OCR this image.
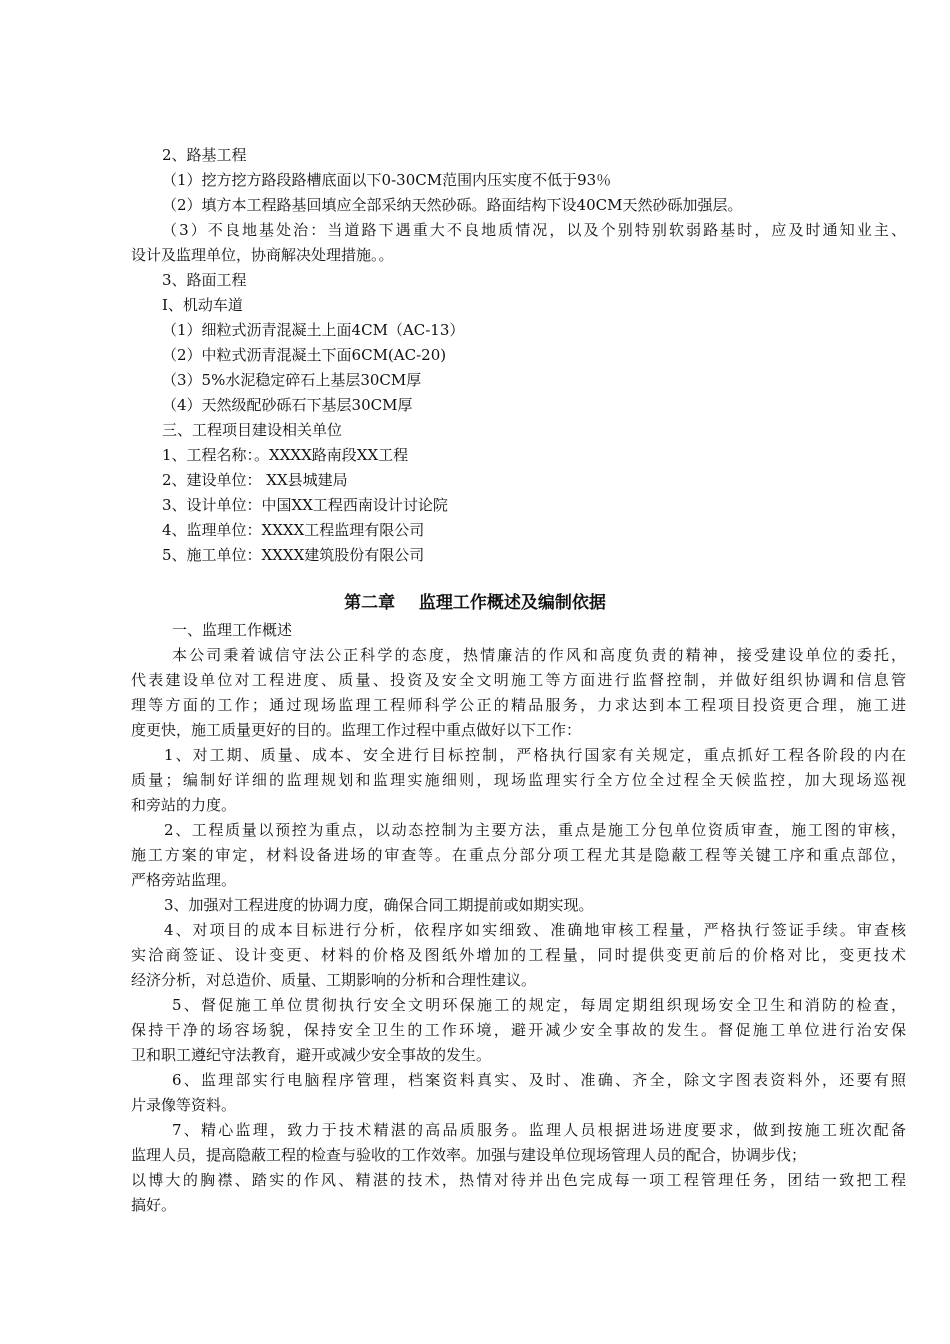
2、路基工程
（1）挖方挖方路段路槽底面以下0-30CM范围内压实度不低于93％
（2）填方本工程路基回填应全部采纳天然砂砾。路面结构下设40CM天然砂砾加强层。
（3）不良地基处治：当道路下遇重大不良地质情况，以及个别特别软弱路基时，应及时通知业主、
设计及监理单位，协商解决处理措施。。
3、路面工程
Ⅰ、机动车道
（1）细粒式沥青混凝土上面4CM（AC-13）
（2）中粒式沥青混凝土下面6CM(AC-20)
（3）5%水泥稳定碎石上基层30CM厚
（4）天然级配砂砾石下基层30CM厚
三、工程项目建设相关单位
1、工程名称：。XXXX路南段XX工程
2、建设单位： XX县城建局
3、设计单位：中国XX工程西南设计讨论院
4、监理单位：XXXX工程监理有限公司
5、施工单位：XXXX建筑股份有限公司
第二章    监理工作概述及编制依据
一、监理工作概述
本公司秉着诚信守法公正科学的态度，热情廉洁的作风和高度负责的精神，接受建设单位的委托，
代表建设单位对工程进度、质量、投资及安全文明施工等方面进行监督控制，并做好组织协调和信息管
理等方面的工作；通过现场监理工程师科学公正的精品服务，力求达到本工程项目投资更合理，施工进
度更快，施工质量更好的目的。监理工作过程中重点做好以下工作：
1、对工期、质量、成本、安全进行目标控制，严格执行国家有关规定，重点抓好工程各阶段的内在
质量；编制好详细的监理规划和监理实施细则，现场监理实行全方位全过程全天候监控，加大现场巡视
和旁站的力度。
2、工程质量以预控为重点，以动态控制为主要方法，重点是施工分包单位资质审查，施工图的审核，
施工方案的审定，材料设备进场的审查等。在重点分部分项工程尤其是隐蔽工程等关键工序和重点部位，
严格旁站监理。
3、加强对工程进度的协调力度，确保合同工期提前或如期实现。
4、对项目的成本目标进行分析，依程序如实细致、准确地审核工程量，严格执行签证手续。审查核
实洽商签证、设计变更、材料的价格及图纸外增加的工程量，同时提供变更前后的价格对比，变更技术
经济分析，对总造价、质量、工期影响的分析和合理性建议。
5、督促施工单位贯彻执行安全文明环保施工的规定，每周定期组织现场安全卫生和消防的检查，
保持干净的场容场貌，保持安全卫生的工作环境，避开减少安全事故的发生。督促施工单位进行治安保
卫和职工遵纪守法教育，避开或减少安全事故的发生。
6、监理部实行电脑程序管理，档案资料真实、及时、准确、齐全，除文字图表资料外，还要有照
片录像等资料。
7、精心监理，致力于技术精湛的高品质服务。监理人员根据进场进度要求，做到按施工班次配备
监理人员，提高隐蔽工程的检查与验收的工作效率。加强与建设单位现场管理人员的配合，协调步伐；
以博大的胸襟、踏实的作风、精湛的技术，热情对待并出色完成每一项工程管理任务，团结一致把工程
搞好。
